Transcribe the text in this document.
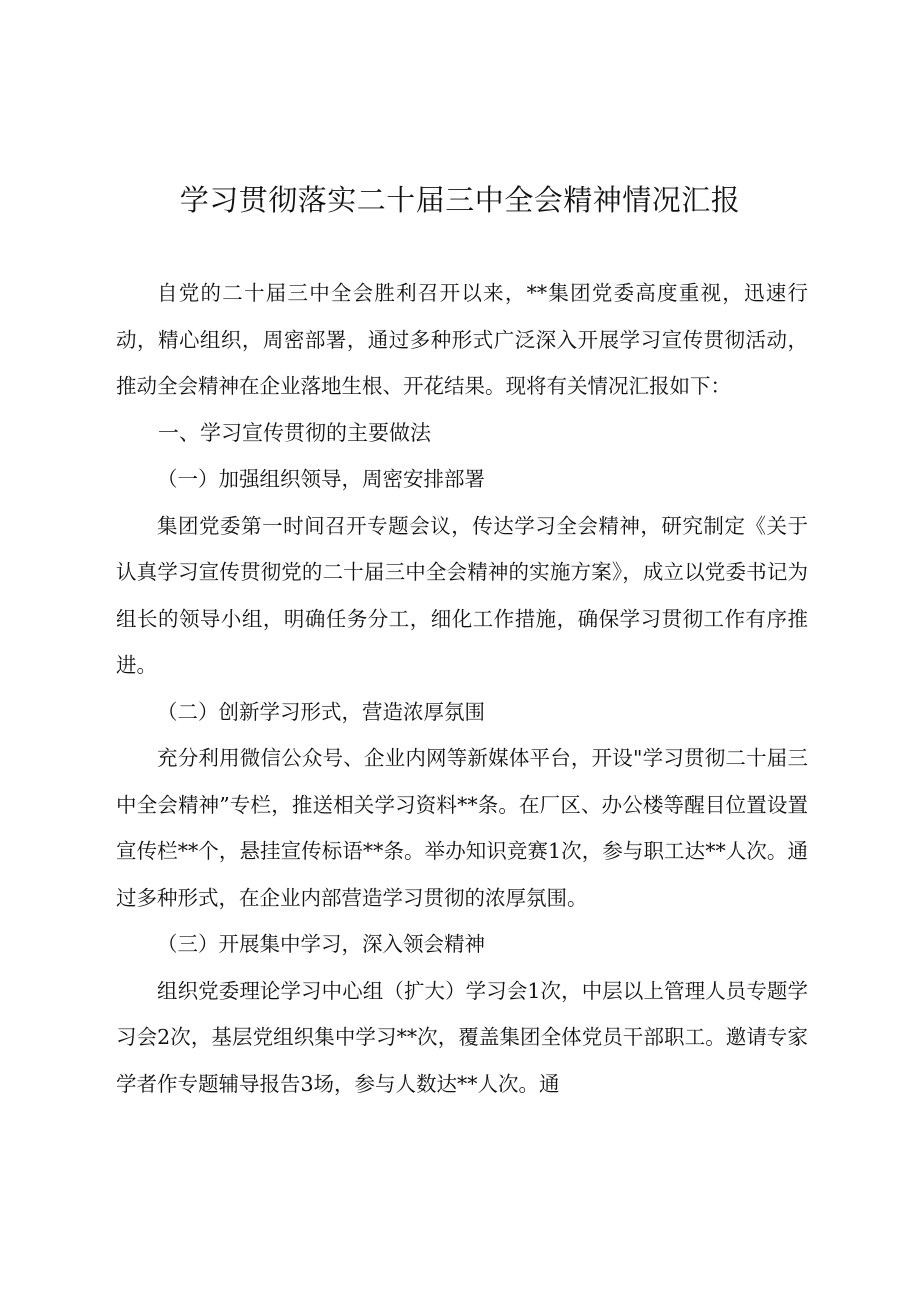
学习贯彻落实二十届三中全会精神情况汇报

自党的二十届三中全会胜利召开以来，**集团党委高度重视，迅速行动，精心组织，周密部署，通过多种形式广泛深入开展学习宣传贯彻活动，推动全会精神在企业落地生根、开花结果。现将有关情况汇报如下：

一、学习宣传贯彻的主要做法

（一）加强组织领导，周密安排部署

集团党委第一时间召开专题会议，传达学习全会精神，研究制定《关于认真学习宣传贯彻党的二十届三中全会精神的实施方案》，成立以党委书记为组长的领导小组，明确任务分工，细化工作措施，确保学习贯彻工作有序推进。

（二）创新学习形式，营造浓厚氛围

充分利用微信公众号、企业内网等新媒体平台，开设"学习贯彻二十届三中全会精神”专栏，推送相关学习资料**条。在厂区、办公楼等醒目位置设置宣传栏**个，悬挂宣传标语**条。举办知识竞赛1次，参与职工达**人次。通过多种形式，在企业内部营造学习贯彻的浓厚氛围。

（三）开展集中学习，深入领会精神

组织党委理论学习中心组（扩大）学习会1次，中层以上管理人员专题学习会2次，基层党组织集中学习**次，覆盖集团全体党员干部职工。邀请专家学者作专题辅导报告3场，参与人数达**人次。通
